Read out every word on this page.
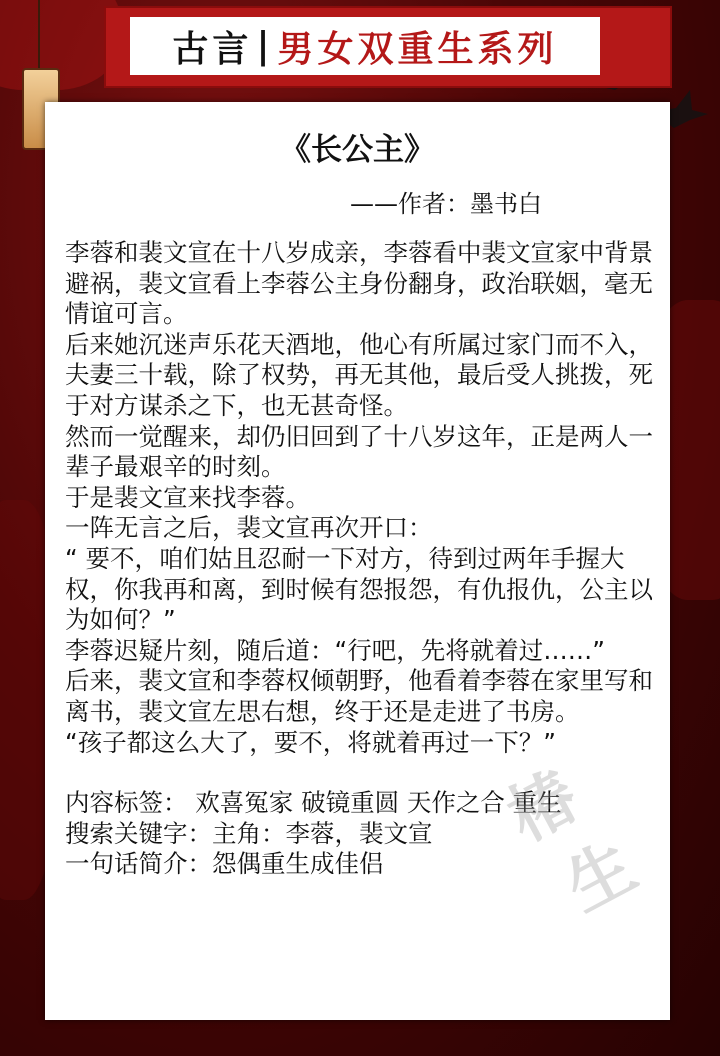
古言 | 男女双重生系列
《长公主》
——作者：墨书白

李蓉和裴文宣在十八岁成亲，李蓉看中裴文宣家中背景避祸，裴文宣看上李蓉公主身份翻身，政治联姻，毫无情谊可言。

后来她沉迷声乐花天酒地，他心有所属过家门而不入，夫妻三十载，除了权势，再无其他，最后受人挑拨，死于对方谋杀之下，也无甚奇怪。

然而一觉醒来，却仍旧回到了十八岁这年，正是两人一辈子最艰辛的时刻。

于是裴文宣来找李蓉。

一阵无言之后，裴文宣再次开口：

“ 要不，咱们姑且忍耐一下对方，待到过两年手握大权，你我再和离，到时候有怨报怨，有仇报仇，公主以为如何？”

李蓉迟疑片刻，随后道：“行吧，先将就着过……”

后来，裴文宣和李蓉权倾朝野，他看着李蓉在家里写和离书，裴文宣左思右想，终于还是走进了书房。

“孩子都这么大了，要不，将就着再过一下？”

内容标签： 欢喜冤家 破镜重圆 天作之合 重生

搜索关键字：主角：李蓉，裴文宣

一句话简介：怨偶重生成佳侣

椿
生
